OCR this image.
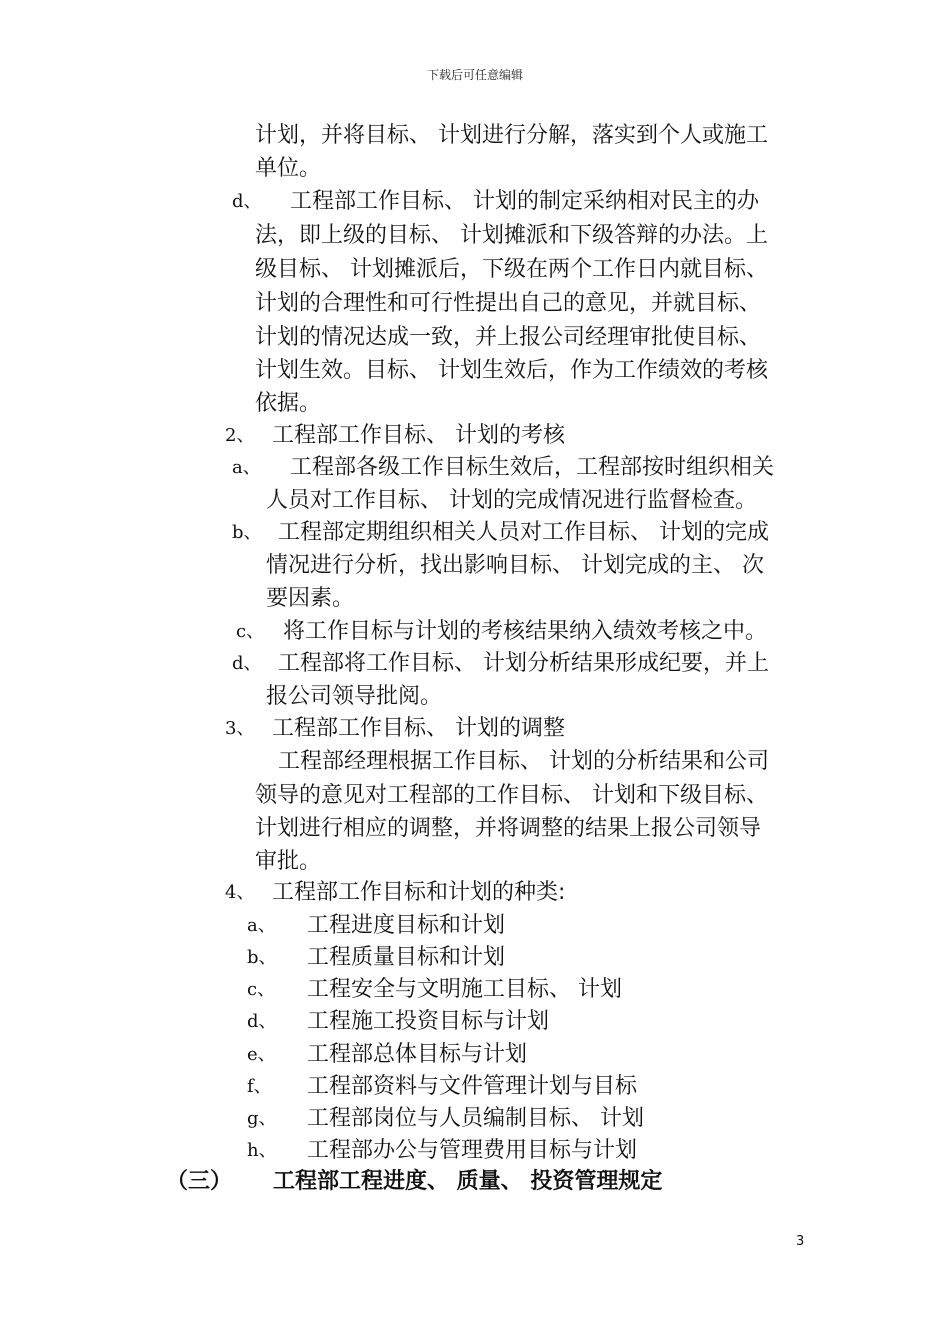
下载后可任意编辑
计划，并将目标、 计划进行分解，落实到个人或施工
单位。
d、 工程部工作目标、 计划的制定采纳相对民主的办
法，即上级的目标、 计划摊派和下级答辩的办法。上
级目标、 计划摊派后，下级在两个工作日内就目标、
计划的合理性和可行性提出自己的意见，并就目标、
计划的情况达成一致，并上报公司经理审批使目标、
计划生效。目标、 计划生效后，作为工作绩效的考核
依据。
2、 工程部工作目标、 计划的考核
a、 工程部各级工作目标生效后，工程部按时组织相关
人员对工作目标、 计划的完成情况进行监督检查。
b、 工程部定期组织相关人员对工作目标、 计划的完成
情况进行分析，找出影响目标、 计划完成的主、 次
要因素。
c、 将工作目标与计划的考核结果纳入绩效考核之中。
d、 工程部将工作目标、 计划分析结果形成纪要，并上
报公司领导批阅。
3、 工程部工作目标、 计划的调整
工程部经理根据工作目标、 计划的分析结果和公司
领导的意见对工程部的工作目标、 计划和下级目标、
计划进行相应的调整，并将调整的结果上报公司领导
审批。
4、 工程部工作目标和计划的种类:
a、 工程进度目标和计划
b、 工程质量目标和计划
c、 工程安全与文明施工目标、 计划
d、 工程施工投资目标与计划
e、 工程部总体目标与计划
f、 工程部资料与文件管理计划与目标
g、 工程部岗位与人员编制目标、 计划
h、 工程部办公与管理费用目标与计划
（三） 工程部工程进度、 质量、 投资管理规定
3
